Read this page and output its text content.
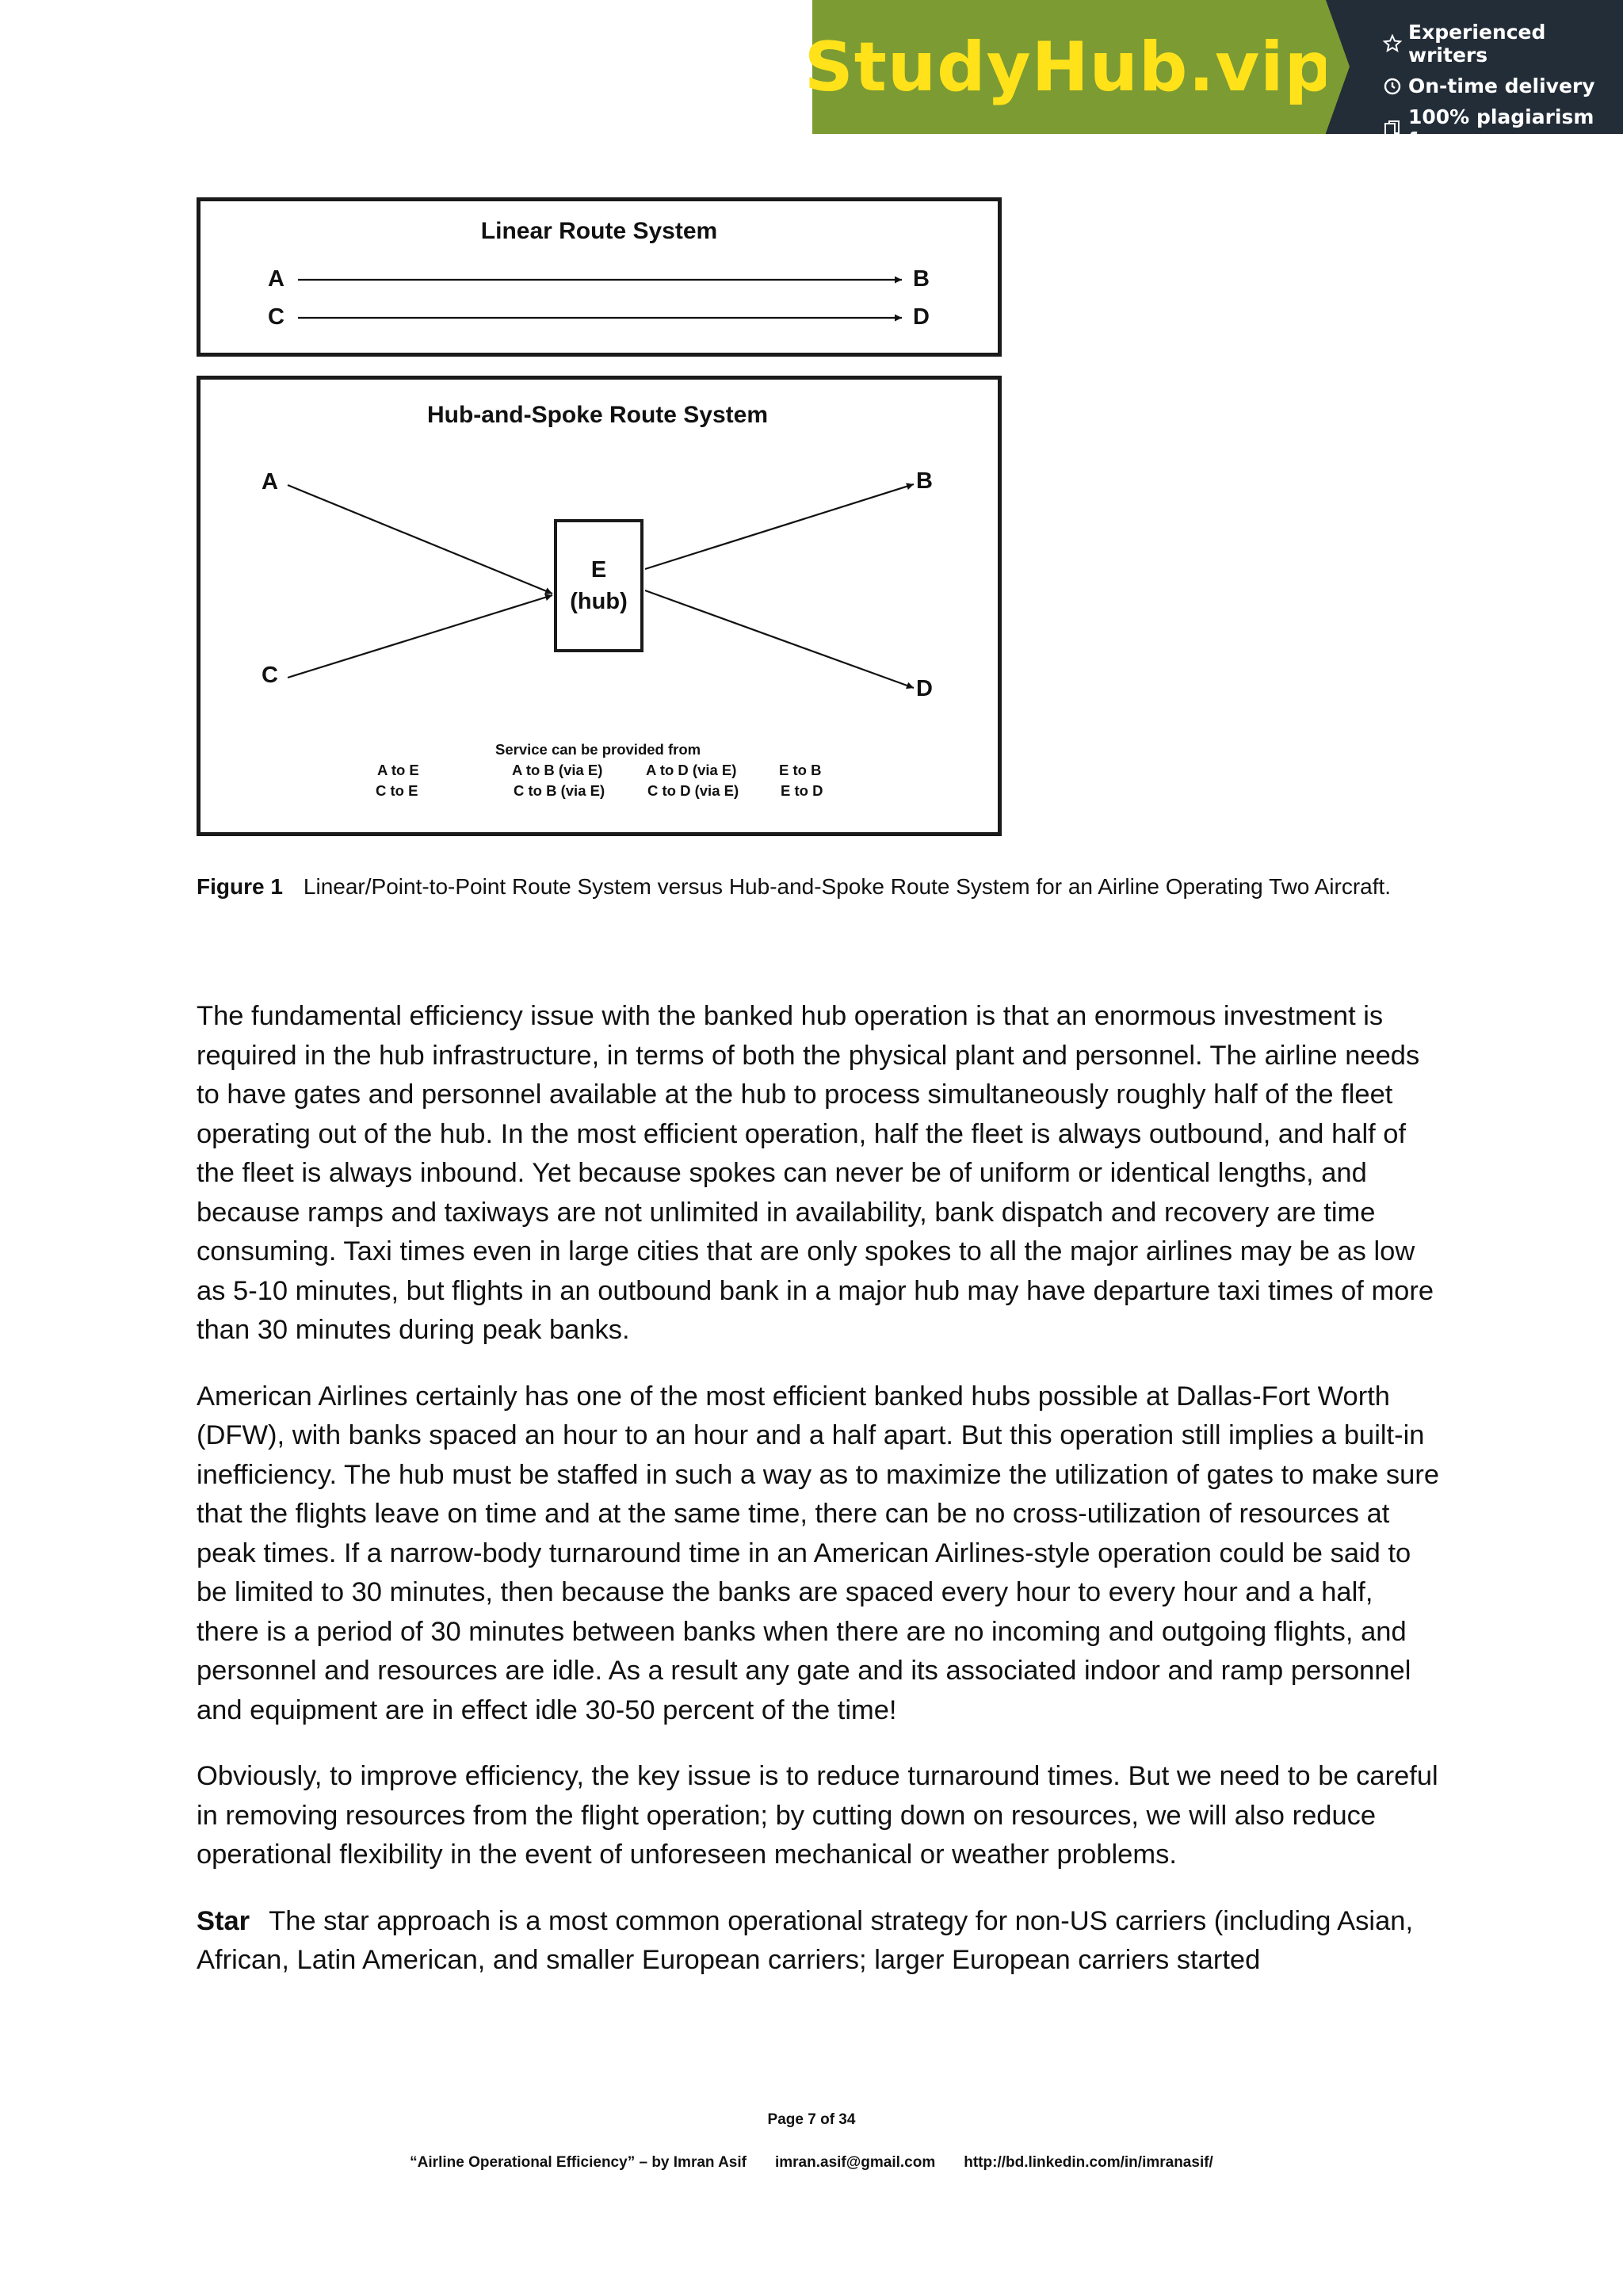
StudyHub.vip	Experienced writers
On-time delivery
100% plagiarism free
Linear Route System
A	B
C	D
Hub-and-Spoke Route System
A	B
C
D
E
(hub)
Service can be provided from
A to E	A to B (via E)	A to D (via E)	E to B
C to E	C to B (via E)	C to D (via E)	E to D
Figure 1 Linear/Point-to-Point Route System versus Hub-and-Spoke Route System for an Airline Operating Two Aircraft.

The fundamental efficiency issue with the banked hub operation is that an enormous investment is required in the hub infrastructure, in terms of both the physical plant and personnel. The airline needs to have gates and personnel available at the hub to process simultaneously roughly half of the fleet operating out of the hub. In the most efficient operation, half the fleet is always outbound, and half of the fleet is always inbound. Yet because spokes can never be of uniform or identical lengths, and because ramps and taxiways are not unlimited in availability, bank dispatch and recovery are time consuming. Taxi times even in large cities that are only spokes to all the major airlines may be as low as 5-10 minutes, but flights in an outbound bank in a major hub may have departure taxi times of more than 30 minutes during peak banks.

American Airlines certainly has one of the most efficient banked hubs possible at Dallas-Fort Worth (DFW), with banks spaced an hour to an hour and a half apart. But this operation still implies a built-in inefficiency. The hub must be staffed in such a way as to maximize the utilization of gates to make sure that the flights leave on time and at the same time, there can be no cross-utilization of resources at peak times. If a narrow-body turnaround time in an American Airlines-style operation could be said to be limited to 30 minutes, then because the banks are spaced every hour to every hour and a half, there is a period of 30 minutes between banks when there are no incoming and outgoing flights, and personnel and resources are idle. As a result any gate and its associated indoor and ramp personnel and equipment are in effect idle 30-50 percent of the time!

Obviously, to improve efficiency, the key issue is to reduce turnaround times. But we need to be careful in removing resources from the flight operation; by cutting down on resources, we will also reduce operational flexibility in the event of unforeseen mechanical or weather problems.

Star The star approach is a most common operational strategy for non-US carriers (including Asian, African, Latin American, and smaller European carriers; larger European carriers started

Page 7 of 34
“Airline Operational Efficiency” – by Imran Asif imran.asif@gmail.com http://bd.linkedin.com/in/imranasif/
